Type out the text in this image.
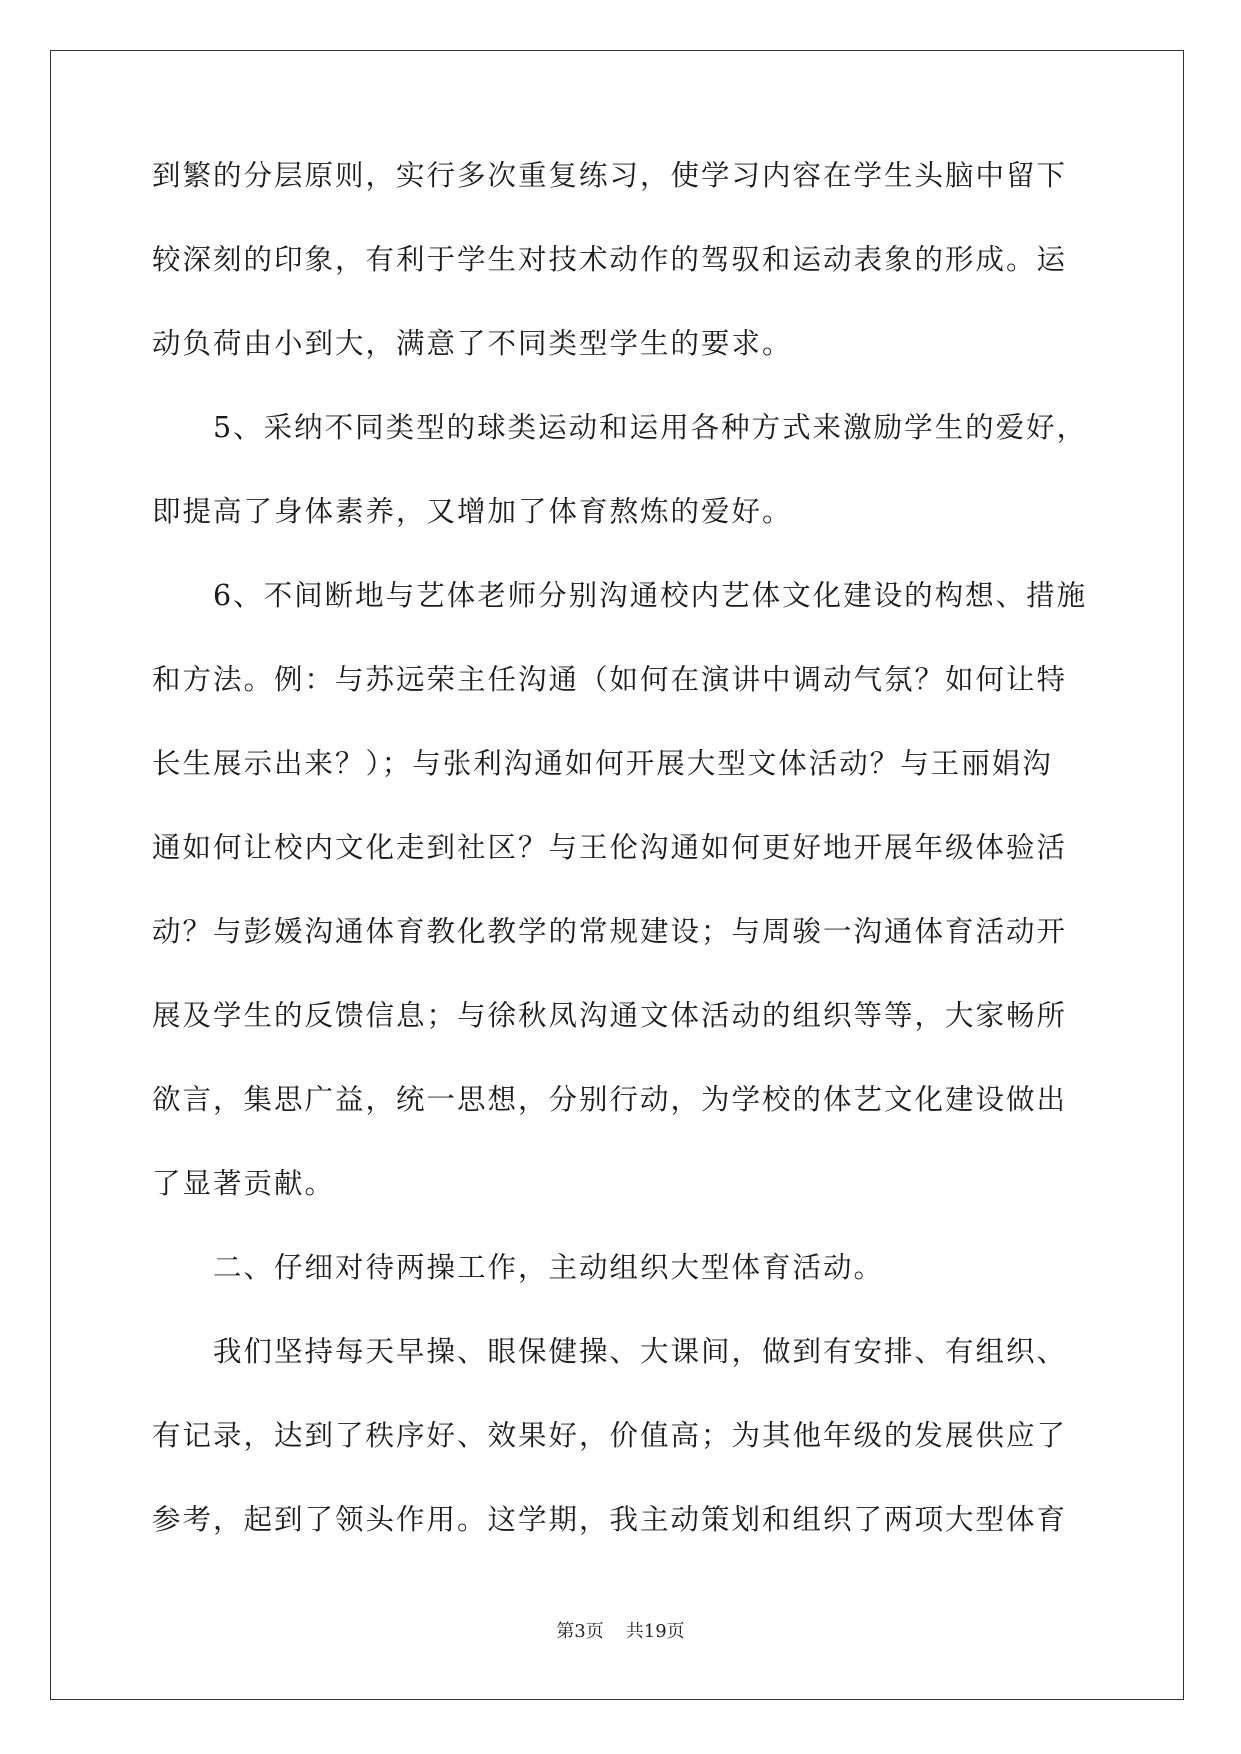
到繁的分层原则，实行多次重复练习，使学习内容在学生头脑中留下

较深刻的印象，有利于学生对技术动作的驾驭和运动表象的形成。运

动负荷由小到大，满意了不同类型学生的要求。

　　5、采纳不同类型的球类运动和运用各种方式来激励学生的爱好，

即提高了身体素养，又增加了体育熬炼的爱好。

　　6、不间断地与艺体老师分别沟通校内艺体文化建设的构想、措施

和方法。例：与苏远荣主任沟通（如何在演讲中调动气氛？如何让特

长生展示出来？）；与张利沟通如何开展大型文体活动？与王丽娟沟

通如何让校内文化走到社区？与王伦沟通如何更好地开展年级体验活

动？与彭媛沟通体育教化教学的常规建设；与周骏一沟通体育活动开

展及学生的反馈信息；与徐秋凤沟通文体活动的组织等等，大家畅所

欲言，集思广益，统一思想，分别行动，为学校的体艺文化建设做出

了显著贡献。

　　二、仔细对待两操工作，主动组织大型体育活动。

　　我们坚持每天早操、眼保健操、大课间，做到有安排、有组织、

有记录，达到了秩序好、效果好，价值高；为其他年级的发展供应了

参考，起到了领头作用。这学期，我主动策划和组织了两项大型体育

第3页 共19页
